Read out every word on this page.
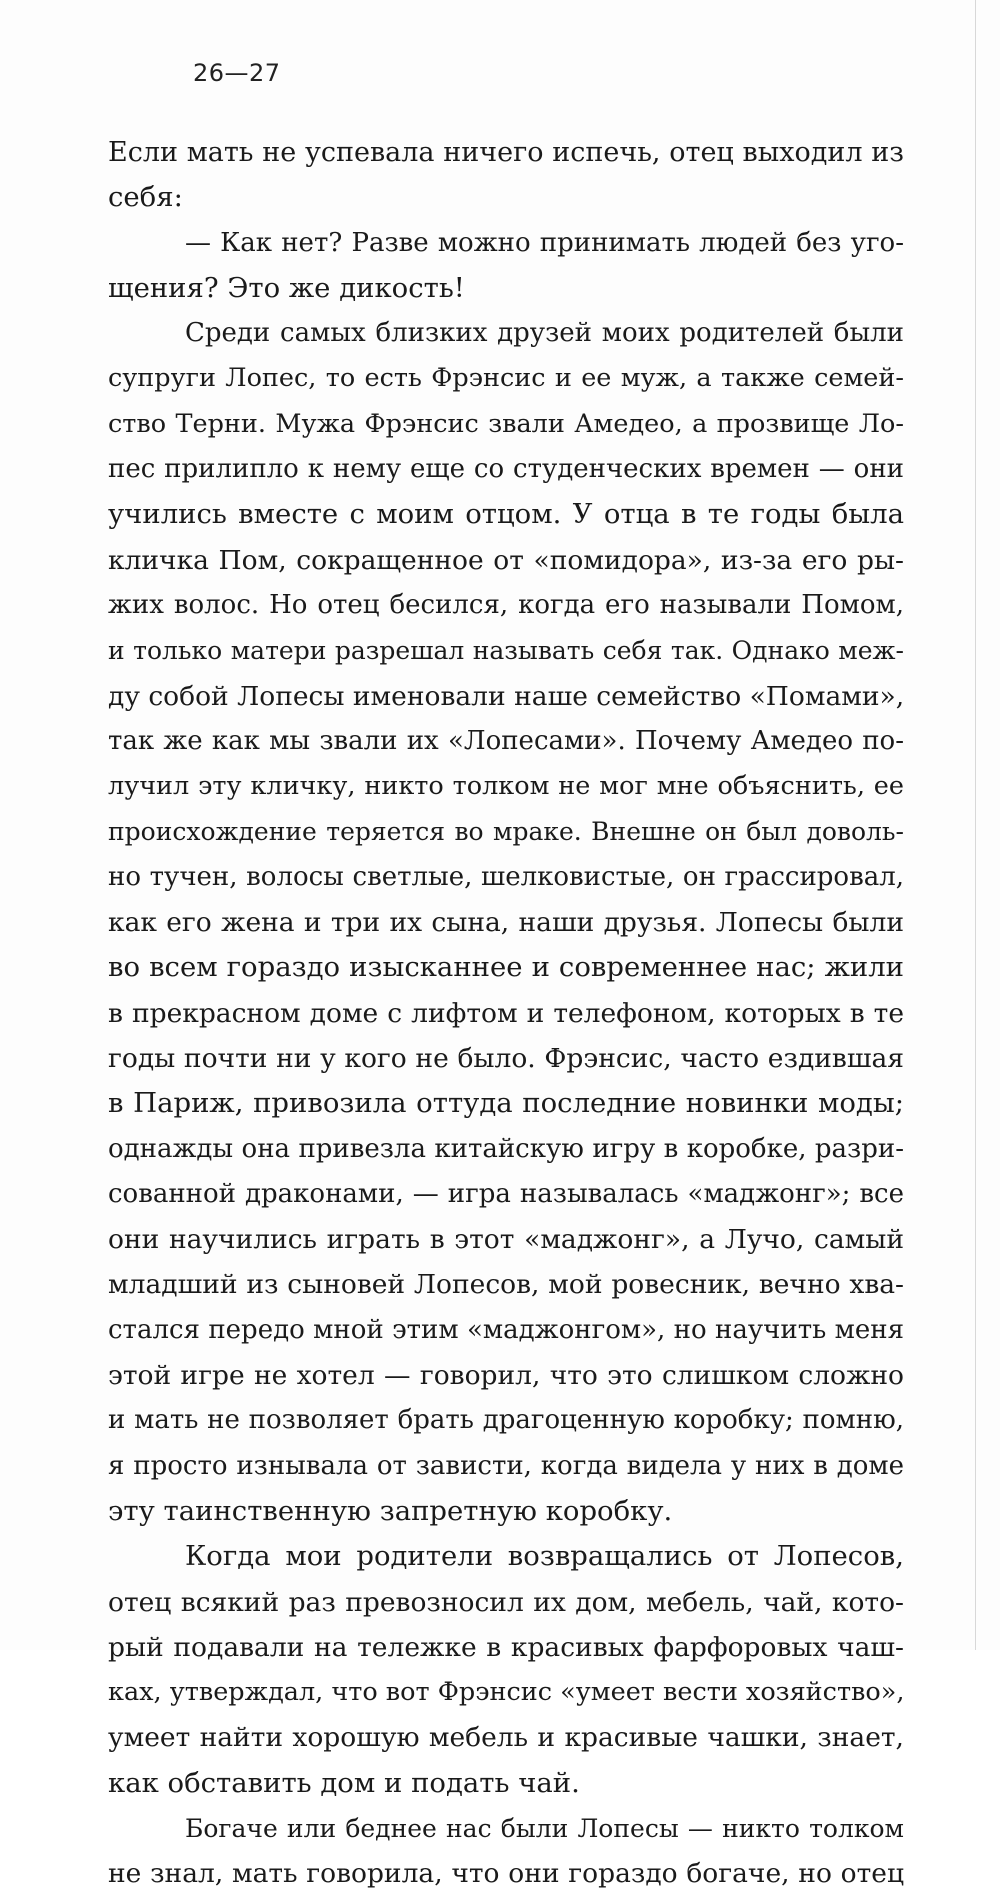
26—27
Если мать не успевала ничего испечь, отец выходил из
себя:
— Как нет? Разве можно принимать людей без уго-
щения? Это же дикость!
Среди самых близких друзей моих родителей были
супруги Лопес, то есть Фрэнсис и ее муж, а также семей-
ство Терни. Мужа Фрэнсис звали Амедео, а прозвище Ло-
пес прилипло к нему еще со студенческих времен — они
учились вместе с моим отцом. У отца в те годы была
кличка Пом, сокращенное от «помидора», из-за его ры-
жих волос. Но отец бесился, когда его называли Помом,
и только матери разрешал называть себя так. Однако меж-
ду собой Лопесы именовали наше семейство «Помами»,
так же как мы звали их «Лопесами». Почему Амедео по-
лучил эту кличку, никто толком не мог мне объяснить, ее
происхождение теряется во мраке. Внешне он был доволь-
но тучен, волосы светлые, шелковистые, он грассировал,
как его жена и три их сына, наши друзья. Лопесы были
во всем гораздо изысканнее и современнее нас; жили
в прекрасном доме с лифтом и телефоном, которых в те
годы почти ни у кого не было. Фрэнсис, часто ездившая
в Париж, привозила оттуда последние новинки моды;
однажды она привезла китайскую игру в коробке, разри-
сованной драконами, — игра называлась «маджонг»; все
они научились играть в этот «маджонг», а Лучо, самый
младший из сыновей Лопесов, мой ровесник, вечно хва-
стался передо мной этим «маджонгом», но научить меня
этой игре не хотел — говорил, что это слишком сложно
и мать не позволяет брать драгоценную коробку; помню,
я просто изнывала от зависти, когда видела у них в доме
эту таинственную запретную коробку.
Когда мои родители возвращались от Лопесов,
отец всякий раз превозносил их дом, мебель, чай, кото-
рый подавали на тележке в красивых фарфоровых чаш-
ках, утверждал, что вот Фрэнсис «умеет вести хозяйство»,
умеет найти хорошую мебель и красивые чашки, знает,
как обставить дом и подать чай.
Богаче или беднее нас были Лопесы — никто толком
не знал, мать говорила, что они гораздо богаче, но отец
